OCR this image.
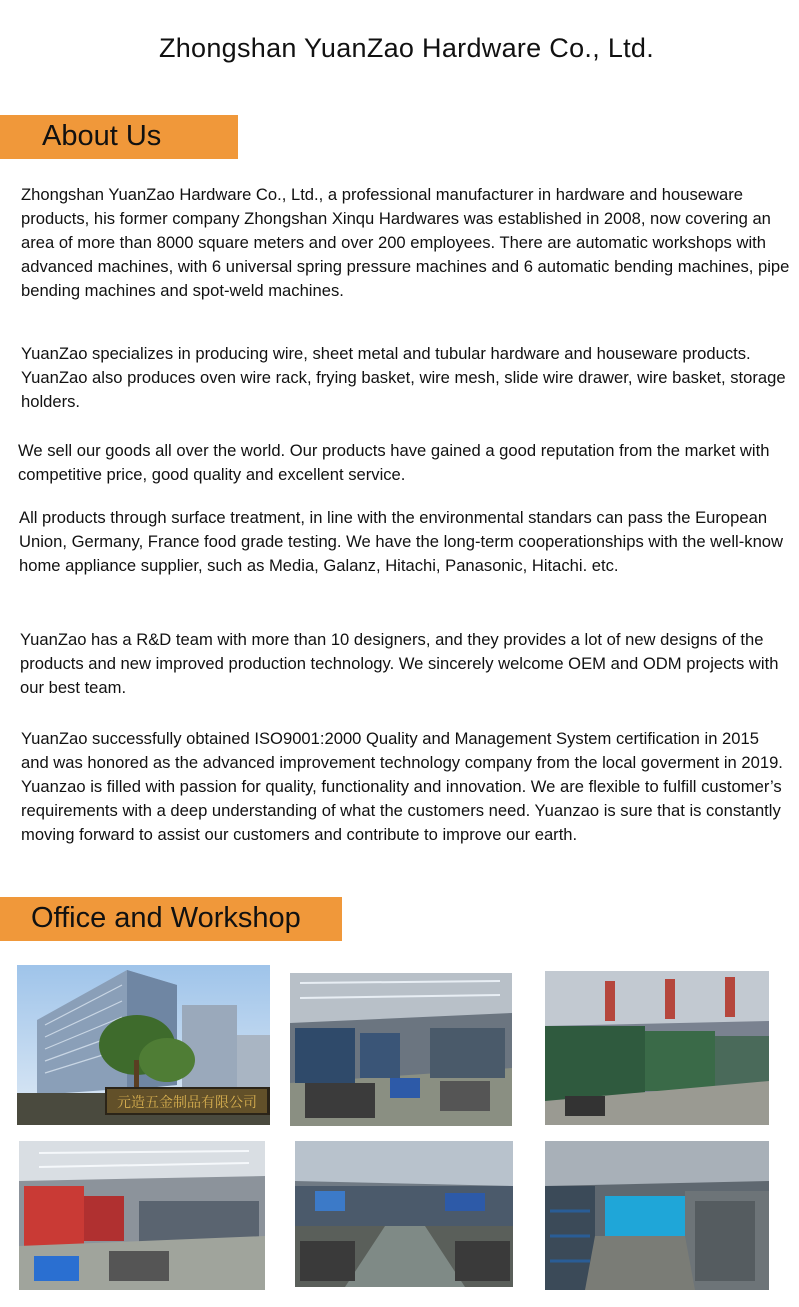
Zhongshan YuanZao Hardware Co., Ltd.
About Us

Zhongshan YuanZao Hardware Co., Ltd., a professional manufacturer in hardware and houseware products, his former company Zhongshan Xinqu Hardwares was established in 2008, now covering an area of more than 8000 square meters and over 200 employees. There are automatic workshops with advanced machines, with 6 universal spring pressure machines and 6 automatic bending machines, pipe bending machines and spot-weld machines.

YuanZao specializes in producing wire, sheet metal and tubular hardware and houseware products. YuanZao also produces oven wire rack, frying basket, wire mesh, slide wire drawer, wire basket, storage holders.

We sell our goods all over the world. Our products have gained a good reputation from the market with competitive price, good quality and excellent service.

All products through surface treatment, in line with the environmental standars can pass the European Union, Germany, France food grade testing. We have the long-term cooperationships with the well-know home appliance supplier, such as Media, Galanz, Hitachi, Panasonic, Hitachi. etc.

YuanZao has a R&D team with more than 10 designers, and they provides a lot of new designs of the products and new improved production technology. We sincerely welcome OEM and ODM projects with our best team.

YuanZao successfully obtained ISO9001:2000 Quality and Management System certification in 2015 and was honored as the advanced improvement technology company from the local goverment in 2019. Yuanzao is filled with passion for quality, functionality and innovation. We are flexible to fulfill customer’s requirements with a deep understanding of what the customers need. Yuanzao is sure that is constantly moving forward to assist our customers and contribute to improve our earth.

Office and Workshop
元造五金制品有限公司
